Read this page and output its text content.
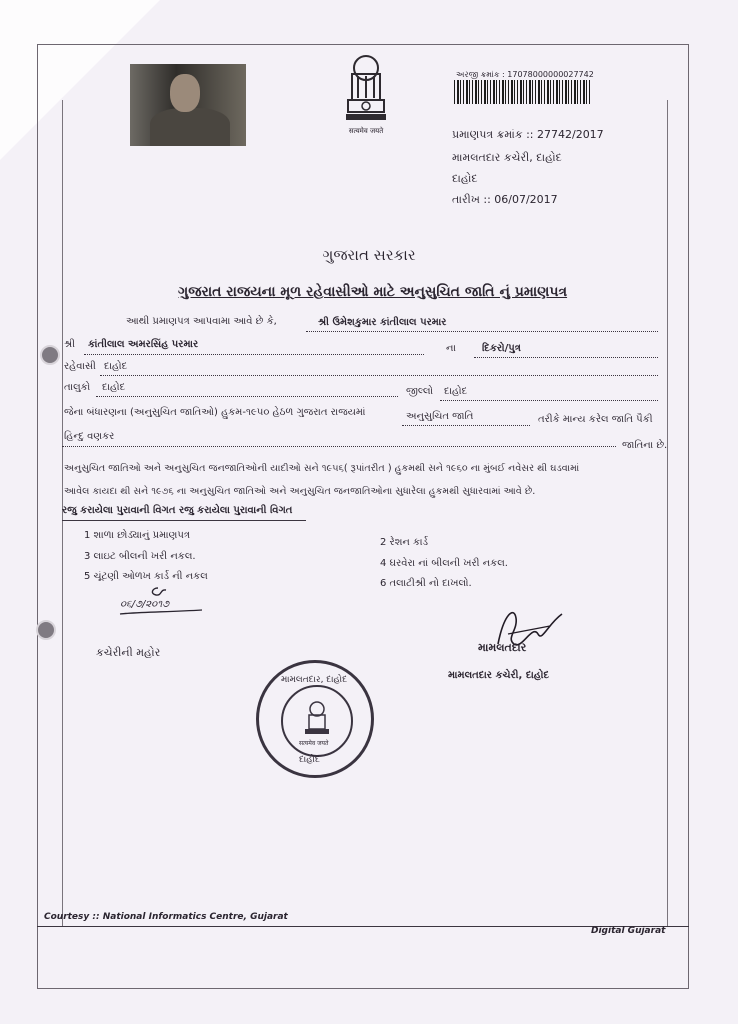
सत्यमेव जयते
અરજી ક્રમાંક : 17078000000027742
પ્રમાણપત્ર ક્રમાંક :: 27742/2017
મામલતદાર કચેરી, દાહોદ
દાહોદ
તારીખ :: 06/07/2017
ગુજરાત સરકાર
ગુજરાત રાજયના મૂળ રહેવાસીઓ માટે અનુસુચિત જાતિ નું પ્રમાણપત્ર
આથી પ્રમાણપત્ર આપવામા આવે છે કે,	શ્રી ઉમેશકુમાર કાંતીલાલ પરમાર
શ્રી કાંતીલાલ અમરસિંહ પરમાર	ના	દિકરો/પુત્ર
રહેવાસી દાહોદ
તાલુકો દાહોદ	જીલ્લો દાહોદ
જેના બંધારણના (અનુસુચિત જાતિઓ) હુકમ-૧૯૫૦ હેઠળ ગુજરાત રાજયમાં	અનુસુચિત જાતિ	તરીકે માન્ય કરેલ જાતિ પૈકી
હિન્દુ વણકર
જાતિના છે.
અનુસુચિત જાતિઓ અને અનુસુચિત જનજાતિઓની યાદીઓ સને ૧૯૫૬( રૂપાંતરીત ) હુકમથી સને ૧૯૬૦ ના મુંબઈ નવેસર થી ઘડવામાં
આવેલ કાયદા થી સને ૧૯૭૬ ના અનુસુચિત જાતિઓ અને અનુસુચિત જનજાતિઓના સુધારેલા હુકમથી સુધારવામાં આવે છે.
રજુ કરાયેલા પુરાવાની વિગત રજુ કરાયેલા પુરાવાની વિગત
1 શાળા છોડ્યાનું પ્રમાણપત્ર
2 રેશન કાર્ડ
3 લાઇટ બીલની ખરી નકલ.
4 ઘરવેરા નાં બીલની ખરી નકલ.
5 ચૂંટણી ઓળખ કાર્ડ ની નકલ
6 તલાટીશ્રી નો દાખલો.
૦૬/૭/૨૦૧૭
કચેરીની મહોર
મામલતદાર, દાહોદ
सत्यमेव जयते
દાહોદ
મામલતદાર
મામલતદાર કચેરી, દાહોદ
Courtesy :: National Informatics Centre, Gujarat
Digital Gujarat
